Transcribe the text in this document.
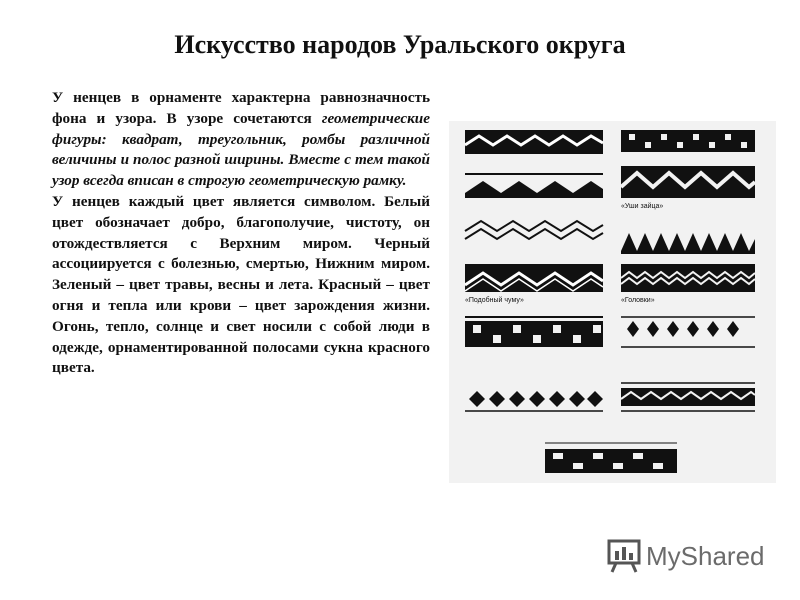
Искусство народов Уральского округа

У ненцев в орнаменте характерна равнозначность фона и узора. В узоре сочетаются геометрические фигуры: квадрат, треугольник, ромбы различной величины и полос разной ширины. Вместе с тем такой узор всегда вписан в строгую геометрическую рамку.

У ненцев каждый цвет является символом. Белый цвет обозначает добро, благополучие, чистоту, он отождествляется с Верхним миром. Черный ассоциируется с болезнью, смертью, Нижним миром. Зеленый – цвет травы, весны и лета. Красный – цвет огня и тепла или крови – цвет зарождения жизни. Огонь, тепло, солнце и свет носили с собой люди в одежде, орнаментированной полосами сукна красного цвета.

«Уши зайца»
«Подобный чуму»	«Головки»
MyShared
